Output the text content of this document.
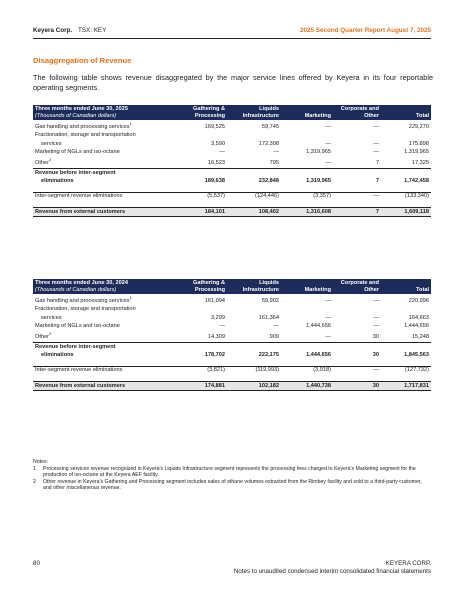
Keyera Corp. TSX: KEY	2025 Second Quarter Report August 7, 2025
Disaggregation of Revenue
The following table shows revenue disaggregated by the major service lines offered by Keyera in its four reportable operating segments.
Three months ended June 30, 2025
(Thousands of Canadian dollars)	Gathering & Processing	Liquids Infrastructure	Marketing	Corporate and Other	Total
Gas handling and processing services$^1$	169,525	59,745	—	—	229,270
Fractionation, storage and transportation					
services	3,590	172,308	—	—	175,898
Marketing of NGLs and iso-octane	—	—	1,319,965	—	1,319,965
Other$^2$	16,523	795	—	7	17,325
Revenue before inter-segment					
eliminations	189,638	232,848	1,319,965	7	1,742,458

Inter-segment revenue eliminations	(5,537)	(124,446)	(3,357)	—	(133,340)

Revenue from external customers	184,101	108,402	1,316,608	7	1,609,118
Three months ended June 30, 2024
(Thousands of Canadian dollars)	Gathering & Processing	Liquids Infrastructure	Marketing	Corporate and Other	Total
Gas handling and processing services$^1$	161,094	59,902	—	—	220,996
Fractionation, storage and transportation					
services	3,299	161,364	—	—	164,663
Marketing of NGLs and iso-octane	—	—	1,444,656	—	1,444,656
Other$^2$	14,309	909	—	30	15,248
Revenue before inter-segment					
eliminations	178,702	222,175	1,444,656	30	1,845,563

Inter-segment revenue eliminations	(3,821)	(119,993)	(3,918)	—	(127,732)

Revenue from external customers	174,881	102,182	1,440,738	30	1,717,831
Notes:
1	Processing services revenue recognized in Keyera's Liquids Infrastructure segment represents the processing fees charged to Keyera's Marketing segment for the production of iso-octane at the Keyera AEF facility.
2	Other revenue in Keyera's Gathering and Processing segment includes sales of ethane volumes extracted from the Rimbey facility and sold to a third-party customer, and other miscellaneous revenue.
80	KEYERA CORP.
Notes to unaudited condensed interim consolidated financial statements
